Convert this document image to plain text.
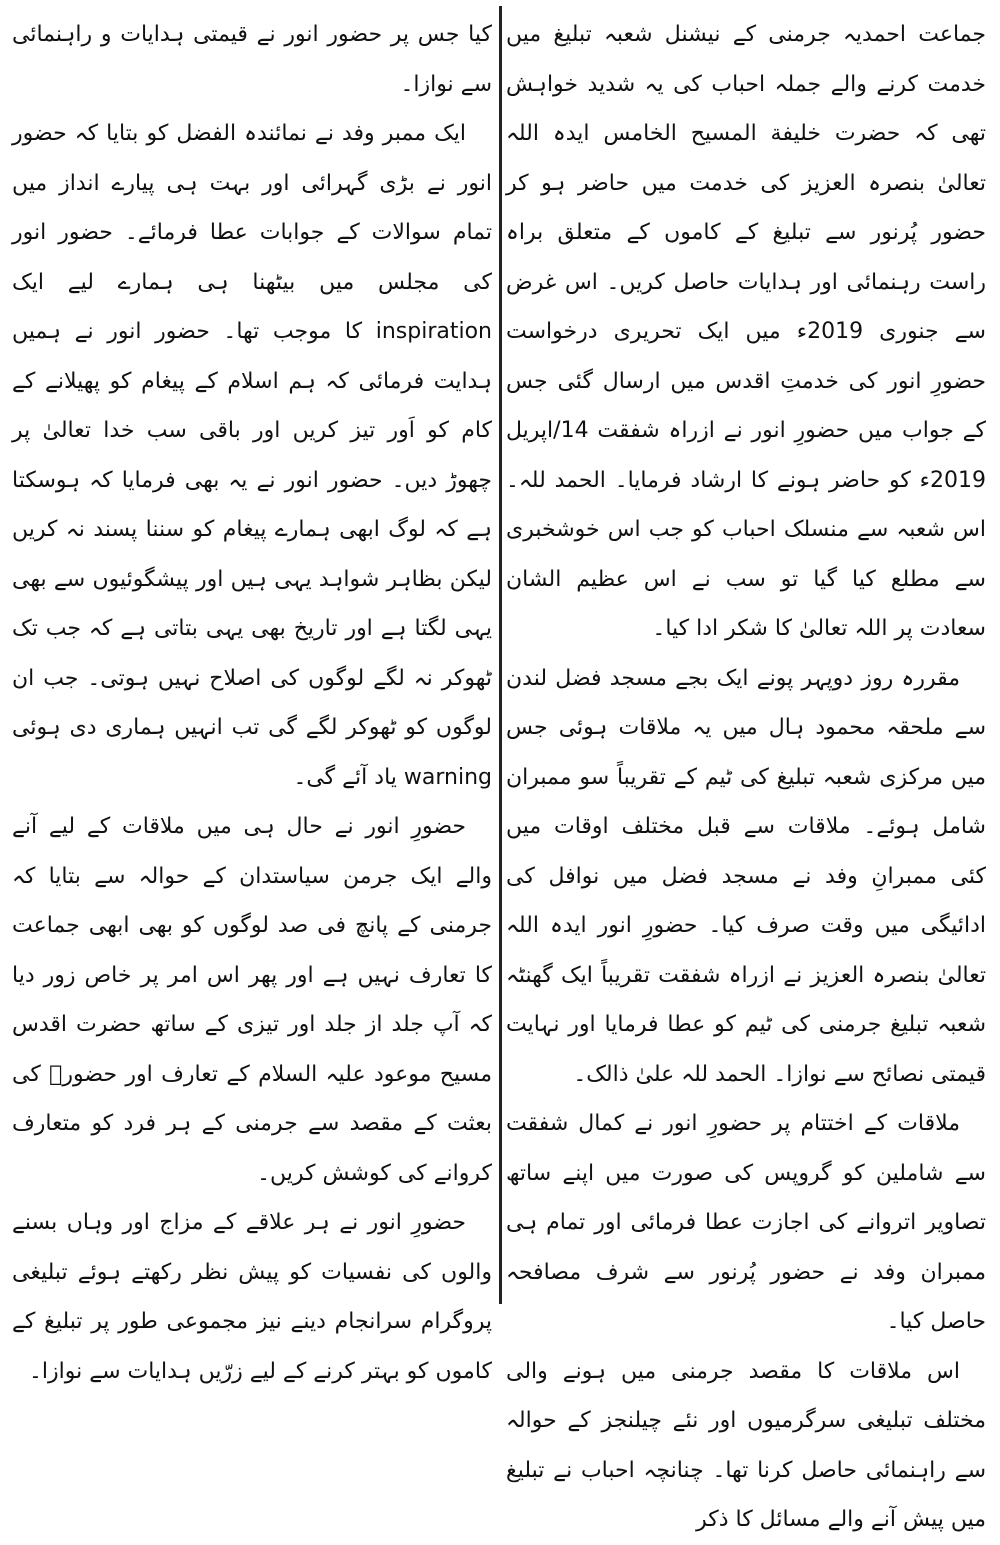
جماعت احمدیہ جرمنی کے نیشنل شعبہ تبلیغ میں خدمت کرنے والے جملہ احباب کی یہ شدید خواہش تھی کہ حضرت خلیفة المسیح الخامس ایدہ اللہ تعالیٰ بنصرہ العزیز کی خدمت میں حاضر ہو کر حضور پُرنور سے تبلیغ کے کاموں کے متعلق براہ راست رہنمائی اور ہدایات حاصل کریں۔ اس غرض سے جنوری 2019ء میں ایک تحریری درخواست حضورِ انور کی خدمتِ اقدس میں ارسال گئی جس کے جواب میں حضورِ انور نے ازراہ شفقت 14/اپریل 2019ء کو حاضر ہونے کا ارشاد فرمایا۔ الحمد للہ۔ اس شعبہ سے منسلک احباب کو جب اس خوشخبری سے مطلع کیا گیا تو سب نے اس عظیم الشان سعادت پر اللہ تعالیٰ کا شکر ادا کیا۔

مقررہ روز دوپہر پونے ایک بجے مسجد فضل لندن سے ملحقہ محمود ہال میں یہ ملاقات ہوئی جس میں مرکزی شعبہ تبلیغ کی ٹیم کے تقریباً سو ممبران شامل ہوئے۔ ملاقات سے قبل مختلف اوقات میں کئی ممبرانِ وفد نے مسجد فضل میں نوافل کی ادائیگی میں وقت صرف کیا۔ حضورِ انور ایدہ اللہ تعالیٰ بنصرہ العزیز نے ازراہ شفقت تقریباً ایک گھنٹہ شعبہ تبلیغ جرمنی کی ٹیم کو عطا فرمایا اور نہایت قیمتی نصائح سے نوازا۔ الحمد للہ علیٰ ذالک۔

ملاقات کے اختتام پر حضورِ انور نے کمال شفقت سے شاملین کو گروپس کی صورت میں اپنے ساتھ تصاویر اتروانے کی اجازت عطا فرمائی اور تمام ہی ممبران وفد نے حضور پُرنور سے شرف مصافحہ حاصل کیا۔

اس ملاقات کا مقصد جرمنی میں ہونے والی مختلف تبلیغی سرگرمیوں اور نئے چیلنجز کے حوالہ سے راہنمائی حاصل کرنا تھا۔ چنانچہ احباب نے تبلیغ میں پیش آنے والے مسائل کا ذکر

کیا جس پر حضور انور نے قیمتی ہدایات و راہنمائی سے نوازا۔

ایک ممبر وفد نے نمائندہ الفضل کو بتایا کہ حضور انور نے بڑی گہرائی اور بہت ہی پیارے انداز میں تمام سوالات کے جوابات عطا فرمائے۔ حضور انور کی مجلس میں بیٹھنا ہی ہمارے لیے ایک inspiration کا موجب تھا۔ حضور انور نے ہمیں ہدایت فرمائی کہ ہم اسلام کے پیغام کو پھیلانے کے کام کو اَور تیز کریں اور باقی سب خدا تعالیٰ پر چھوڑ دیں۔ حضور انور نے یہ بھی فرمایا کہ ہوسکتا ہے کہ لوگ ابھی ہمارے پیغام کو سننا پسند نہ کریں لیکن بظاہر شواہد یہی ہیں اور پیشگوئیوں سے بھی یہی لگتا ہے اور تاریخ بھی یہی بتاتی ہے کہ جب تک ٹھوکر نہ لگے لوگوں کی اصلاح نہیں ہوتی۔ جب ان لوگوں کو ٹھوکر لگے گی تب انہیں ہماری دی ہوئی warning یاد آئے گی۔

حضورِ انور نے حال ہی میں ملاقات کے لیے آنے والے ایک جرمن سیاستدان کے حوالہ سے بتایا کہ جرمنی کے پانچ فی صد لوگوں کو بھی ابھی جماعت کا تعارف نہیں ہے اور پھر اس امر پر خاص زور دیا کہ آپ جلد از جلد اور تیزی کے ساتھ حضرت اقدس مسیح موعود علیہ السلام کے تعارف اور حضورؑ کی بعثت کے مقصد سے جرمنی کے ہر فرد کو متعارف کروانے کی کوشش کریں۔

حضورِ انور نے ہر علاقے کے مزاج اور وہاں بسنے والوں کی نفسیات کو پیش نظر رکھتے ہوئے تبلیغی پروگرام سرانجام دینے نیز مجموعی طور پر تبلیغ کے کاموں کو بہتر کرنے کے لیے زرّیں ہدایات سے نوازا۔
